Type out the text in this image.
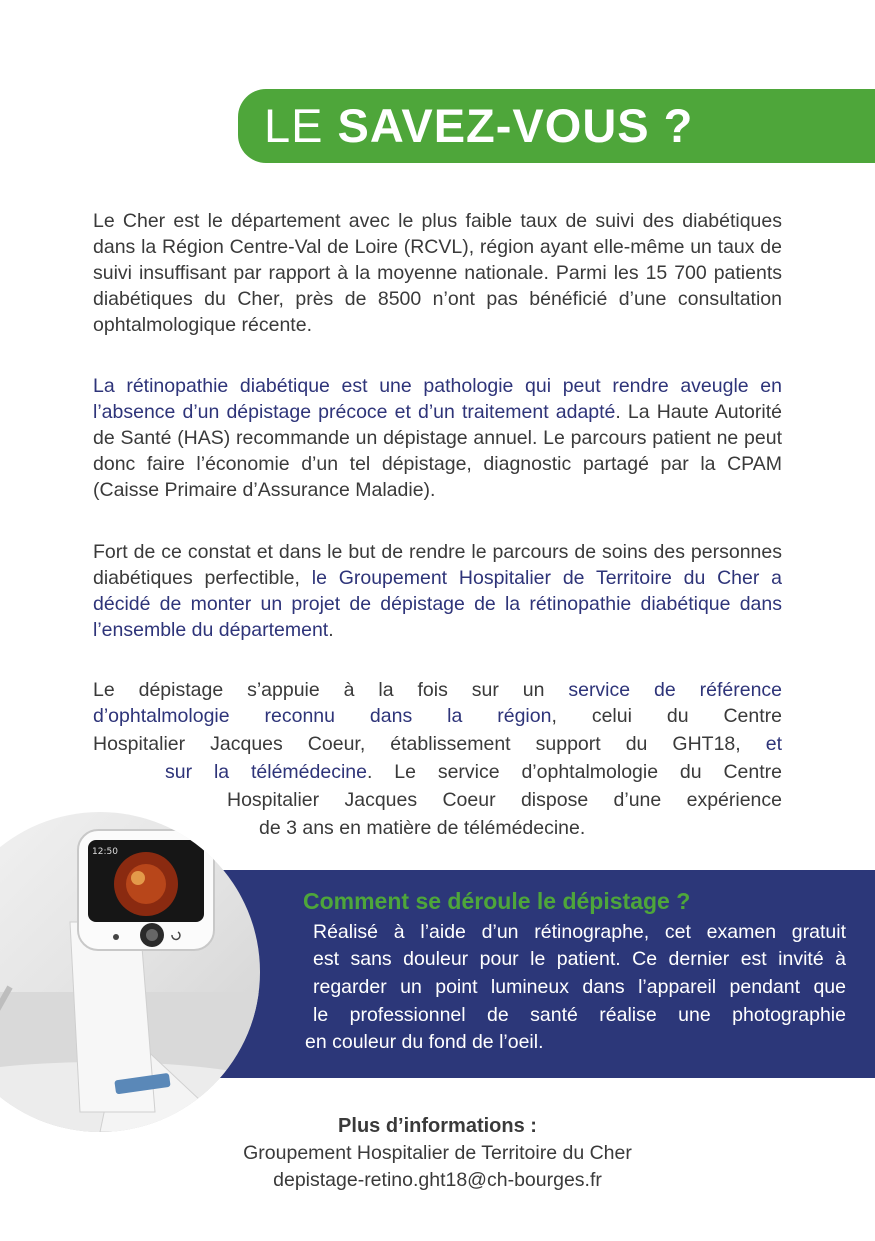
LE SAVEZ-VOUS ?

Le Cher est le département avec le plus faible taux de suivi des diabétiques dans la Région Centre-Val de Loire (RCVL), région ayant elle-même un taux de suivi insuffisant par rapport à la moyenne nationale. Parmi les 15 700 patients diabétiques du Cher, près de 8500 n’ont pas bénéficié d’une consultation ophtalmologique récente.

La rétinopathie diabétique est une pathologie qui peut rendre aveugle en l’absence d’un dépistage précoce et d’un traitement adapté. La Haute Autorité de Santé (HAS) recommande un dépistage annuel. Le parcours patient ne peut donc faire l’économie d’un tel dépistage, diagnostic partagé par la CPAM (Caisse Primaire d’Assurance Maladie).

Fort de ce constat et dans le but de rendre le parcours de soins des personnes diabétiques perfectible, le Groupement Hospitalier de Territoire du Cher a décidé de monter un projet de dépistage de la rétinopathie diabétique dans l’ensemble du département.

Le dépistage s’appuie à la fois sur un service de référence

d’ophtalmologie reconnu dans la région, celui du Centre

Hospitalier Jacques Coeur, établissement support du GHT18, et

sur la télémédecine. Le service d’ophtalmologie du Centre

Hospitalier Jacques Coeur dispose d’une expérience

de 3 ans en matière de télémédecine.

12:50

Comment se déroule le dépistage ?

Réalisé à l’aide d’un rétinographe, cet examen gratuit

est sans douleur pour le patient. Ce dernier est invité à

regarder un point lumineux dans l’appareil pendant que

le professionnel de santé réalise une photographie

en couleur du fond de l’oeil.

Plus d’informations :

Groupement Hospitalier de Territoire du Cher

depistage-retino.ght18@ch-bourges.fr
